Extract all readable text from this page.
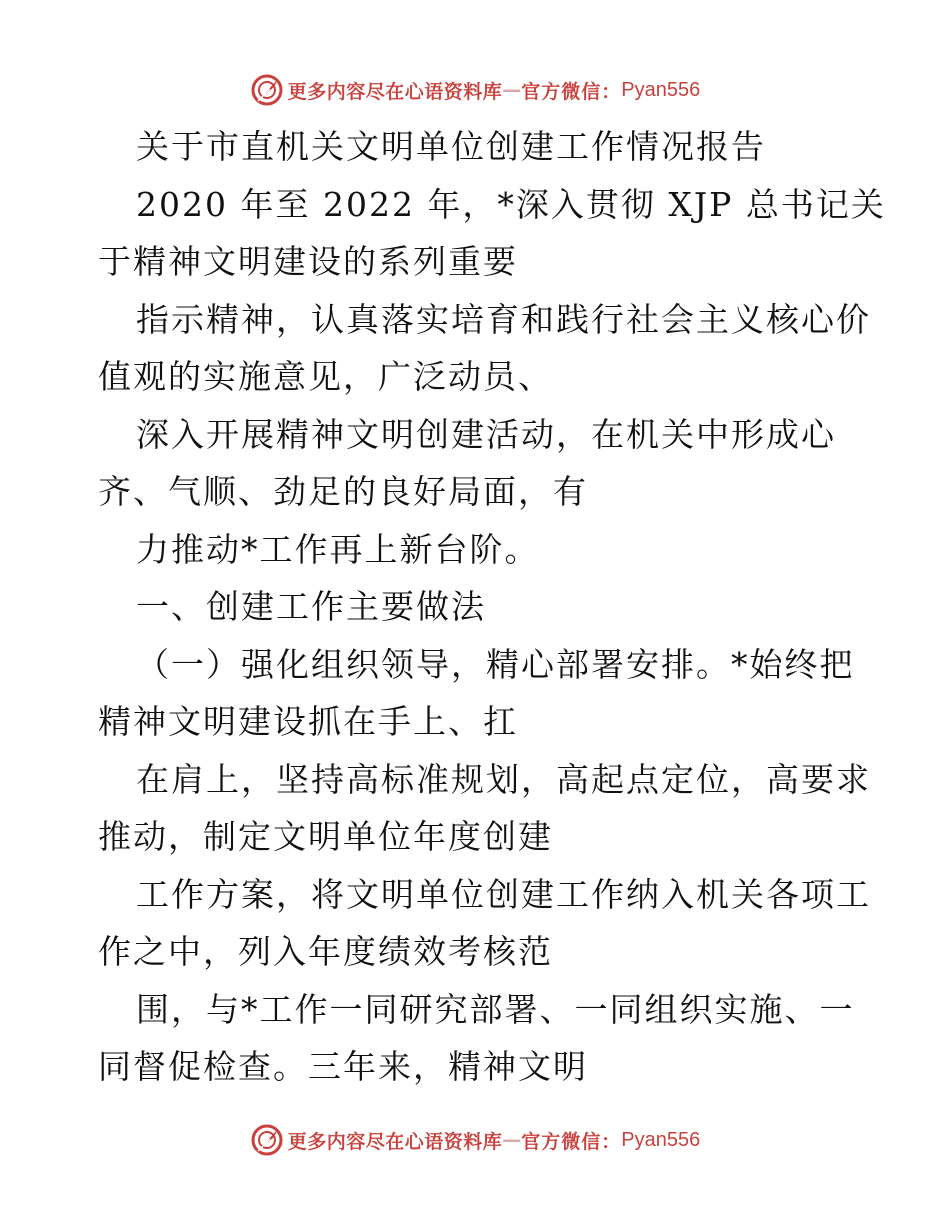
更多内容尽在心语资料库 — 官方微信： Pyan556
关于市直机关文明单位创建工作情况报告
2020 年至 2022 年，*深入贯彻 XJP 总书记关
于精神文明建设的系列重要
指示精神，认真落实培育和践行社会主义核心价
值观的实施意见，广泛动员、
深入开展精神文明创建活动，在机关中形成心
齐、气顺、劲足的良好局面，有
力推动*工作再上新台阶。
一、创建工作主要做法
（一）强化组织领导，精心部署安排。*始终把
精神文明建设抓在手上、扛
在肩上，坚持高标准规划，高起点定位，高要求
推动，制定文明单位年度创建
工作方案，将文明单位创建工作纳入机关各项工
作之中，列入年度绩效考核范
围，与*工作一同研究部署、一同组织实施、一
同督促检查。三年来，精神文明
更多内容尽在心语资料库 — 官方微信： Pyan556
